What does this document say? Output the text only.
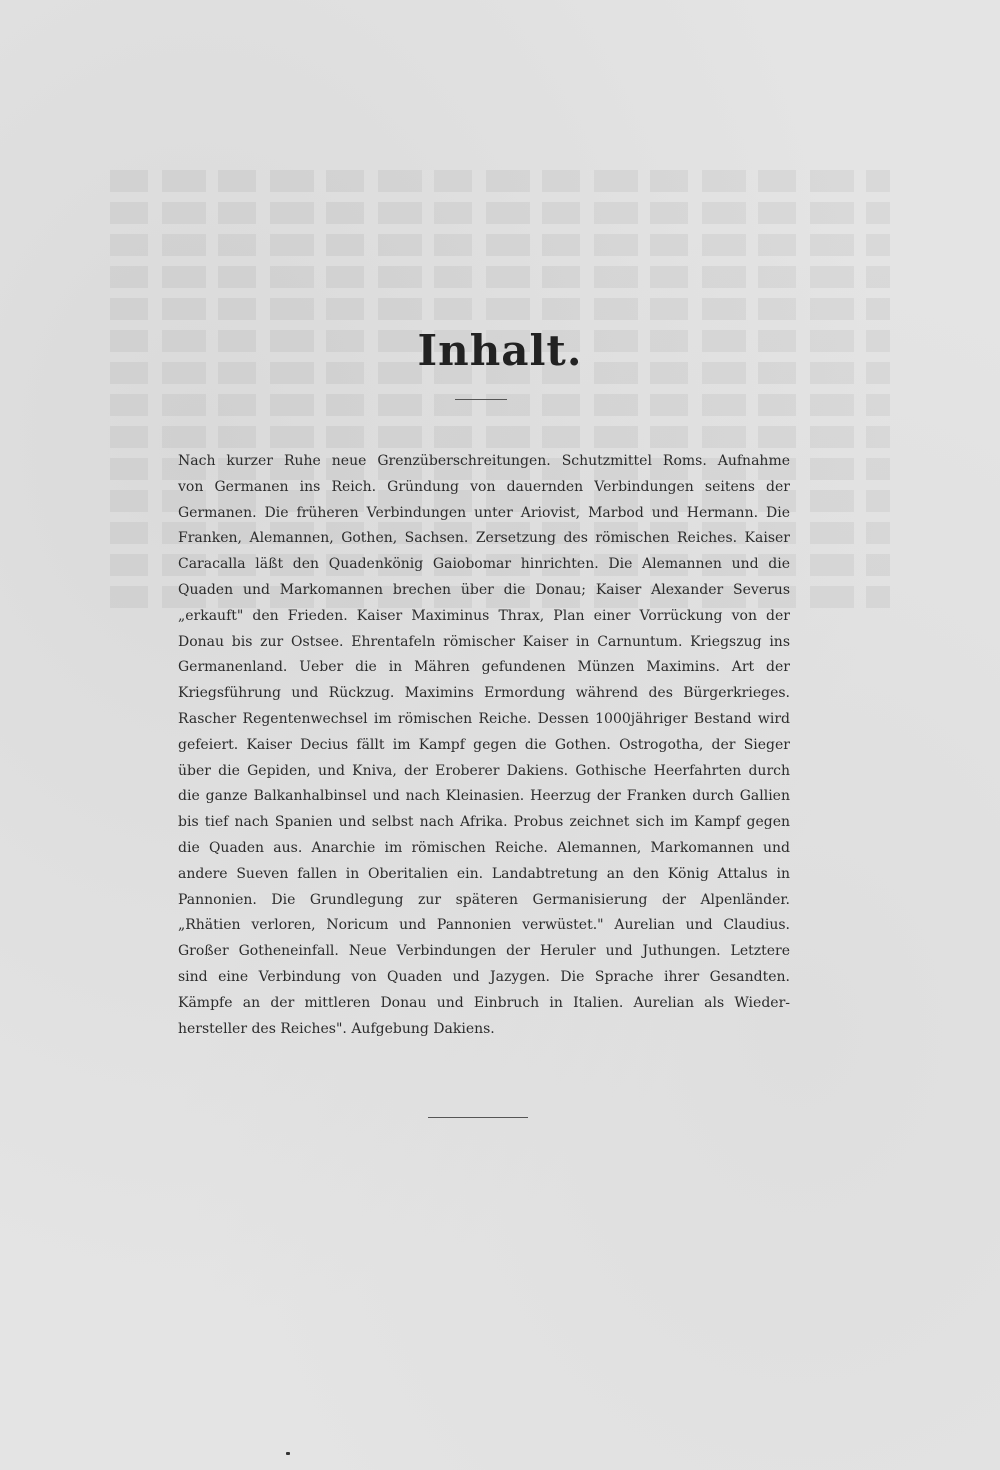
Inhalt.
Nach kurzer Ruhe neue Grenzüberschreitungen. Schutzmittel Roms. Aufnahme
von Germanen ins Reich. Gründung von dauernden Verbindungen seitens der
Germanen. Die früheren Verbindungen unter Ariovist, Marbod und Hermann. Die
Franken, Alemannen, Gothen, Sachsen. Zersetzung des römischen Reiches. Kaiser
Caracalla läßt den Quadenkönig Gaiobomar hinrichten. Die Alemannen und die
Quaden und Markomannen brechen über die Donau; Kaiser Alexander Severus
„erkauft" den Frieden. Kaiser Maximinus Thrax, Plan einer Vorrückung von der
Donau bis zur Ostsee. Ehrentafeln römischer Kaiser in Carnuntum. Kriegszug ins
Germanenland. Ueber die in Mähren gefundenen Münzen Maximins. Art der
Kriegsführung und Rückzug. Maximins Ermordung während des Bürgerkrieges.
Rascher Regentenwechsel im römischen Reiche. Dessen 1000jähriger Bestand wird
gefeiert. Kaiser Decius fällt im Kampf gegen die Gothen. Ostrogotha, der Sieger
über die Gepiden, und Kniva, der Eroberer Dakiens. Gothische Heerfahrten durch
die ganze Balkanhalbinsel und nach Kleinasien. Heerzug der Franken durch Gallien
bis tief nach Spanien und selbst nach Afrika. Probus zeichnet sich im Kampf gegen
die Quaden aus. Anarchie im römischen Reiche. Alemannen, Markomannen und
andere Sueven fallen in Oberitalien ein. Landabtretung an den König Attalus in
Pannonien. Die Grundlegung zur späteren Germanisierung der Alpenländer.
„Rhätien verloren, Noricum und Pannonien verwüstet." Aurelian und Claudius.
Großer Gotheneinfall. Neue Verbindungen der Heruler und Juthungen. Letztere
sind eine Verbindung von Quaden und Jazygen. Die Sprache ihrer Gesandten.
Kämpfe an der mittleren Donau und Einbruch in Italien. Aurelian als Wieder-
hersteller des Reiches". Aufgebung Dakiens.
